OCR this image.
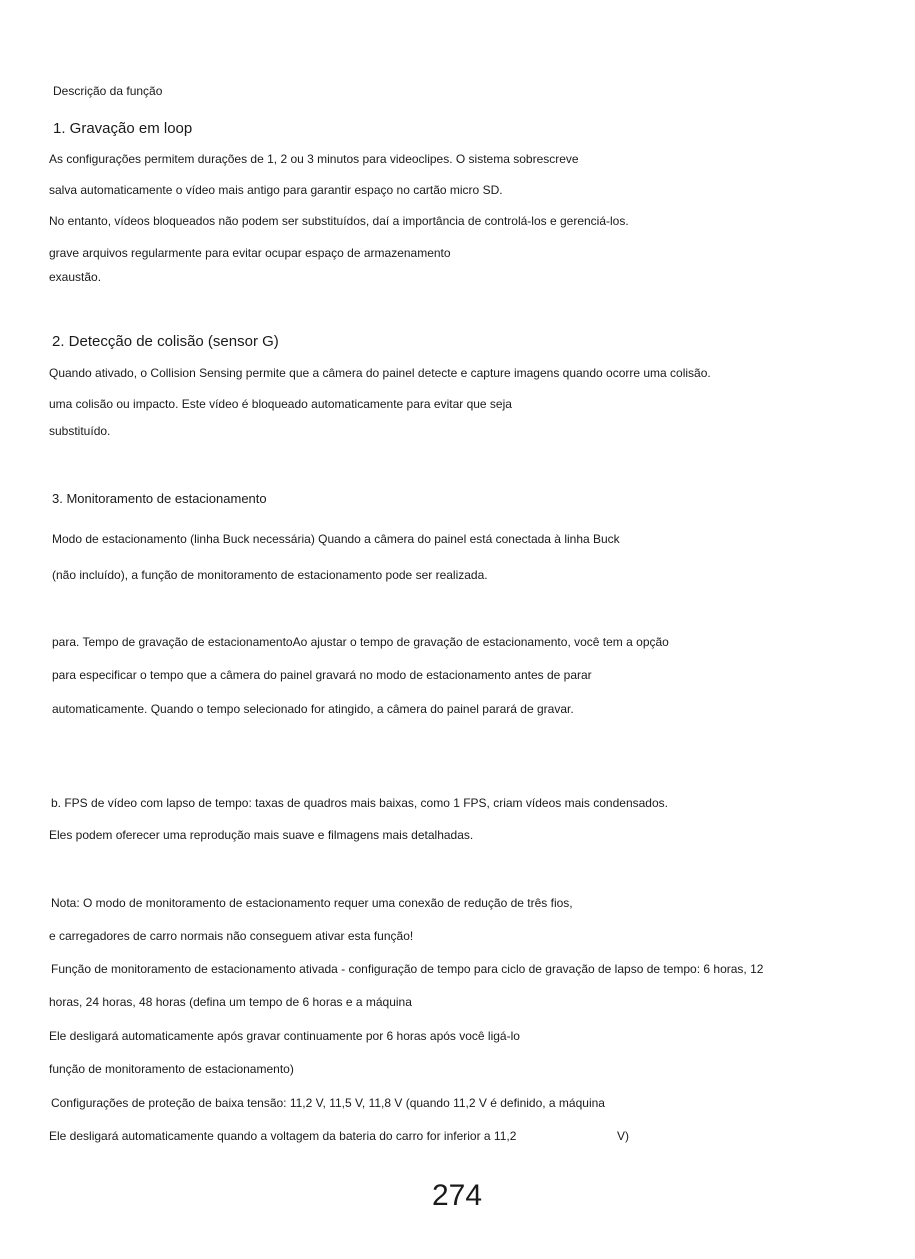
Descrição da função
1. Gravação em loop
As configurações permitem durações de 1, 2 ou 3 minutos para videoclipes. O sistema sobrescreve
salva automaticamente o vídeo mais antigo para garantir espaço no cartão micro SD.
No entanto, vídeos bloqueados não podem ser substituídos, daí a importância de controlá-los e gerenciá-los.
grave arquivos regularmente para evitar ocupar espaço de armazenamento
exaustão.
2. Detecção de colisão (sensor G)
Quando ativado, o Collision Sensing permite que a câmera do painel detecte e capture imagens quando ocorre uma colisão.
uma colisão ou impacto. Este vídeo é bloqueado automaticamente para evitar que seja
substituído.
3. Monitoramento de estacionamento
Modo de estacionamento (linha Buck necessária) Quando a câmera do painel está conectada à linha Buck
(não incluído), a função de monitoramento de estacionamento pode ser realizada.
para. Tempo de gravação de estacionamentoAo ajustar o tempo de gravação de estacionamento, você tem a opção
para especificar o tempo que a câmera do painel gravará no modo de estacionamento antes de parar
automaticamente. Quando o tempo selecionado for atingido, a câmera do painel parará de gravar.
b. FPS de vídeo com lapso de tempo: taxas de quadros mais baixas, como 1 FPS, criam vídeos mais condensados.
Eles podem oferecer uma reprodução mais suave e filmagens mais detalhadas.
Nota: O modo de monitoramento de estacionamento requer uma conexão de redução de três fios,
e carregadores de carro normais não conseguem ativar esta função!
Função de monitoramento de estacionamento ativada - configuração de tempo para ciclo de gravação de lapso de tempo: 6 horas, 12
horas, 24 horas, 48 horas (defina um tempo de 6 horas e a máquina
Ele desligará automaticamente após gravar continuamente por 6 horas após você ligá-lo
função de monitoramento de estacionamento)
Configurações de proteção de baixa tensão: 11,2 V, 11,5 V, 11,8 V (quando 11,2 V é definido, a máquina
Ele desligará automaticamente quando a voltagem da bateria do carro for inferior a 11,2	V)
274
